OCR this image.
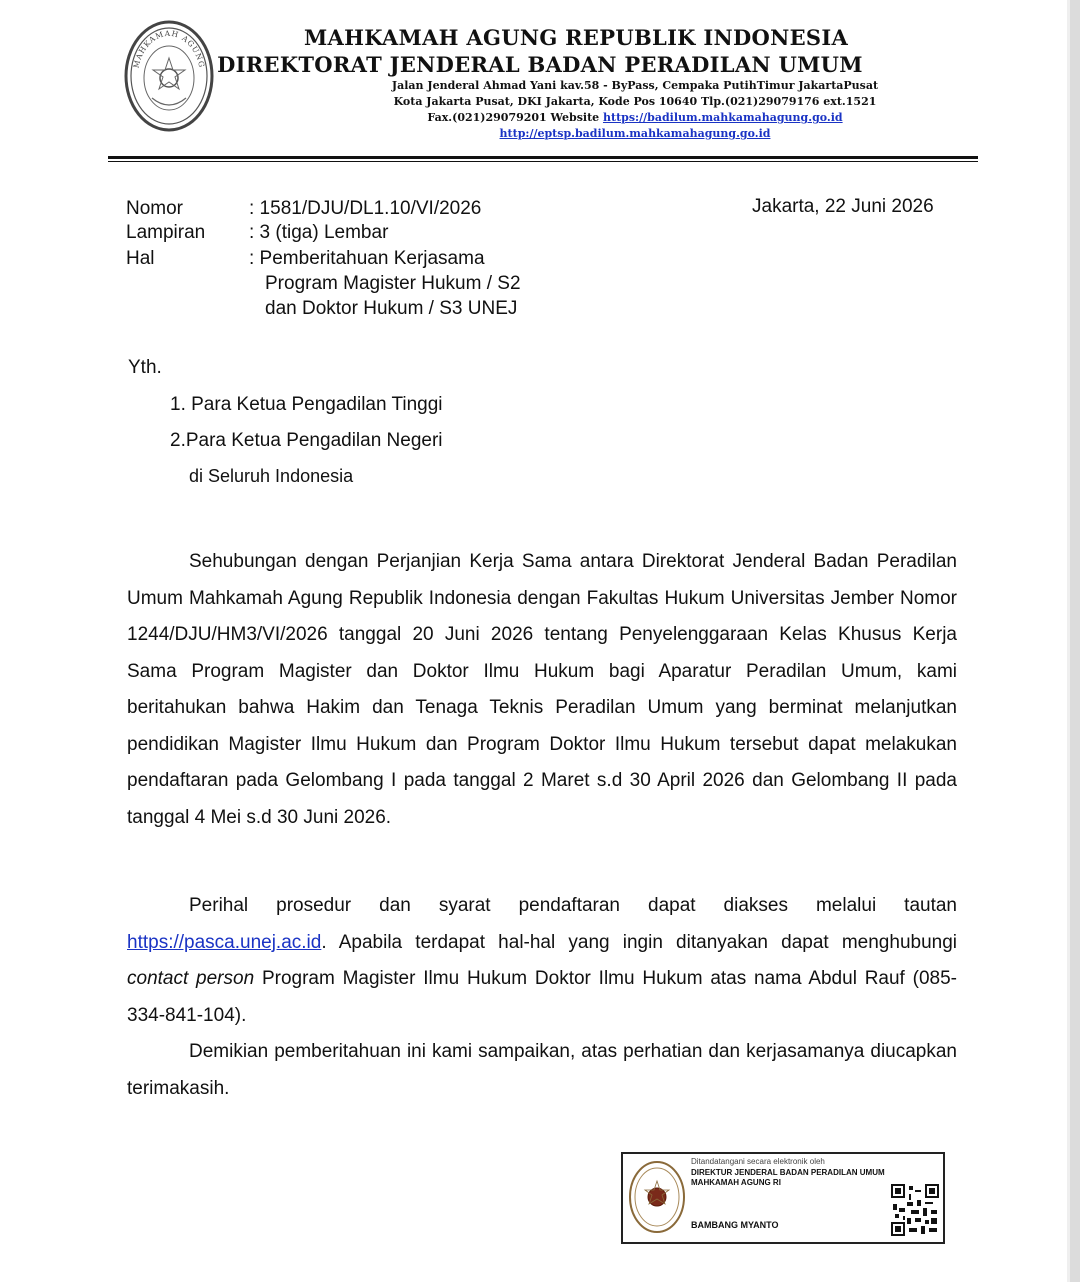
MAHKAMAH AGUNG
MAHKAMAH AGUNG REPUBLIK INDONESIA
DIREKTORAT JENDERAL BADAN PERADILAN UMUM
Jalan Jenderal Ahmad Yani kav.58 - ByPass, Cempaka PutihTimur JakartaPusat
Kota Jakarta Pusat, DKI Jakarta, Kode Pos 10640 Tlp.(021)29079176 ext.1521
Fax.(021)29079201 Website https://badilum.mahkamahagung.go.id
http://eptsp.badilum.mahkamahagung.go.id
Nomor	: 1581/DJU/DL1.10/VI/2026
Lampiran : 3 (tiga) Lembar
Hal	: Pemberitahuan Kerjasama
Program Magister Hukum / S2
dan Doktor Hukum / S3 UNEJ
Jakarta, 22 Juni 2026
Yth.
1. Para Ketua Pengadilan Tinggi
2.Para Ketua Pengadilan Negeri
di Seluruh Indonesia

Sehubungan dengan Perjanjian Kerja Sama antara Direktorat Jenderal Badan Peradilan Umum Mahkamah Agung Republik Indonesia dengan Fakultas Hukum Universitas Jember Nomor 1244/DJU/HM3/VI/2026 tanggal 20 Juni 2026 tentang Penyelenggaraan Kelas Khusus Kerja Sama Program Magister dan Doktor Ilmu Hukum bagi Aparatur Peradilan Umum, kami beritahukan bahwa Hakim dan Tenaga Teknis Peradilan Umum yang berminat melanjutkan pendidikan Magister Ilmu Hukum dan Program Doktor Ilmu Hukum tersebut dapat melakukan pendaftaran pada Gelombang I pada tanggal 2 Maret s.d 30 April 2026 dan Gelombang II pada tanggal 4 Mei s.d 30 Juni 2026.

Perihal prosedur dan syarat pendaftaran dapat diakses melalui tautan https://pasca.unej.ac.id. Apabila terdapat hal-hal yang ingin ditanyakan dapat menghubungi contact person Program Magister Ilmu Hukum Doktor Ilmu Hukum atas nama Abdul Rauf (085-334-841-104).

Demikian pemberitahuan ini kami sampaikan, atas perhatian dan kerjasamanya diucapkan terimakasih.

Ditandatangani secara elektronik oleh
DIREKTUR JENDERAL BADAN PERADILAN UMUM
MAHKAMAH AGUNG RI
BAMBANG MYANTO
